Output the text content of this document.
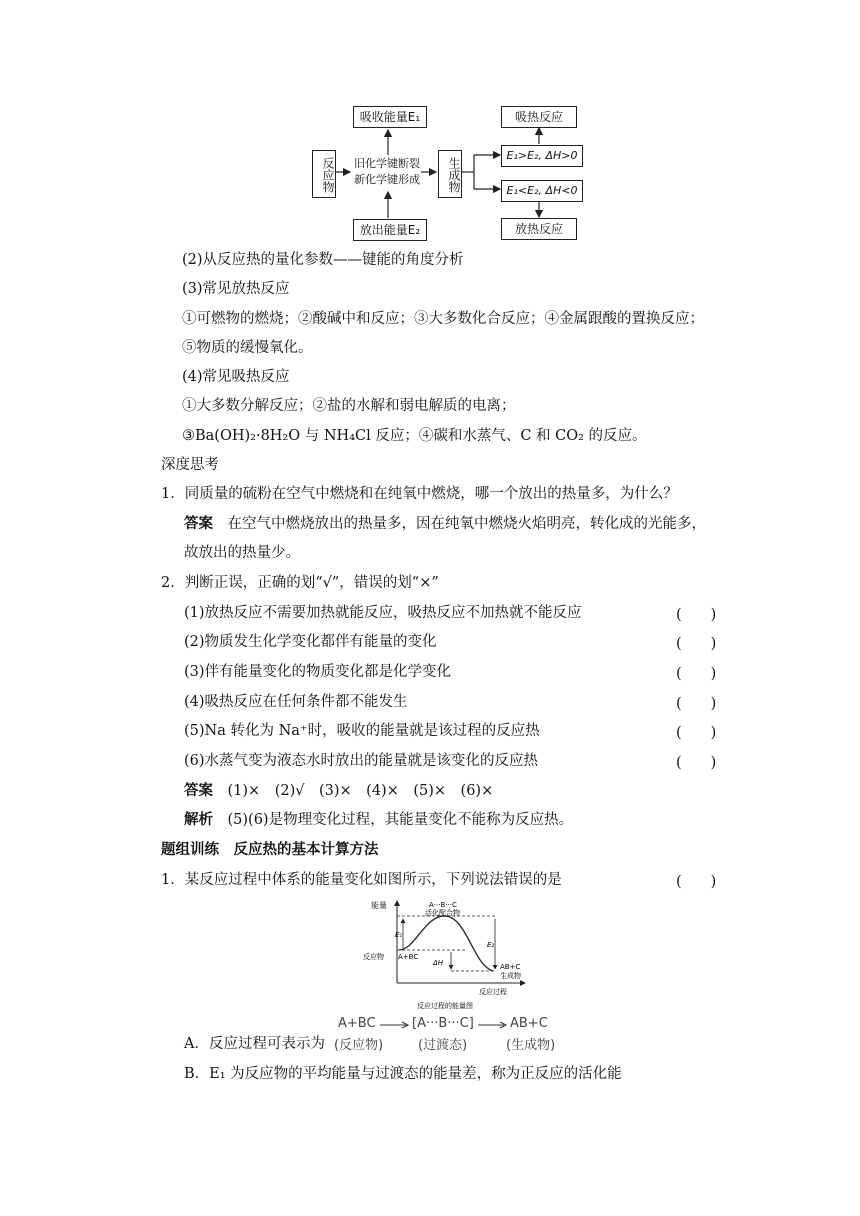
吸收能量E₁
放出能量E₂
反应物	旧化学键断裂
新化学键形成	生成物
E₁>E₂, ΔH>0
E₁<E₂, ΔH<0
吸热反应
放热反应
(2)从反应热的量化参数——键能的角度分析
(3)常见放热反应
①可燃物的燃烧；②酸碱中和反应；③大多数化合反应；④金属跟酸的置换反应；
⑤物质的缓慢氧化。
(4)常见吸热反应
①大多数分解反应；②盐的水解和弱电解质的电离；
③Ba(OH)₂·8H₂O 与 NH₄Cl 反应；④碳和水蒸气、C 和 CO₂ 的反应。
深度思考
1．同质量的硫粉在空气中燃烧和在纯氧中燃烧，哪一个放出的热量多，为什么？
答案　 在空气中燃烧放出的热量多，因在纯氧中燃烧火焰明亮，转化成的光能多，
故放出的热量少。
2．判断正误，正确的划“√”，错误的划“×”
(1)放热反应不需要加热就能反应，吸热反应不加热就不能反应	(　　)
(2)物质发生化学变化都伴有能量的变化	(　　)
(3)伴有能量变化的物质变化都是化学变化	(　　)
(4)吸热反应在任何条件都不能发生	(　　)
(5)Na 转化为 Na⁺时，吸收的能量就是该过程的反应热	(　　)
(6)水蒸气变为液态水时放出的能量就是该变化的反应热	(　　)
答案　 (1)×　(2)√　(3)×　(4)×　(5)×　(6)×
解析　 (5)(6)是物理变化过程，其能量变化不能称为反应热。
题组训练　反应热的基本计算方法
1．某反应过程中体系的能量变化如图所示，下列说法错误的是	(　　)
能量	A···B···C
活化配合物
E₁
E₂
反应物 A+BC
ΔH	AB+C
生成物
反应过程
反应过程的能量图
A．反应过程可表示为
A+BC	[A···B···C]	AB+C
(反应物)	(过渡态)	(生成物)
B．E₁ 为反应物的平均能量与过渡态的能量差，称为正反应的活化能
